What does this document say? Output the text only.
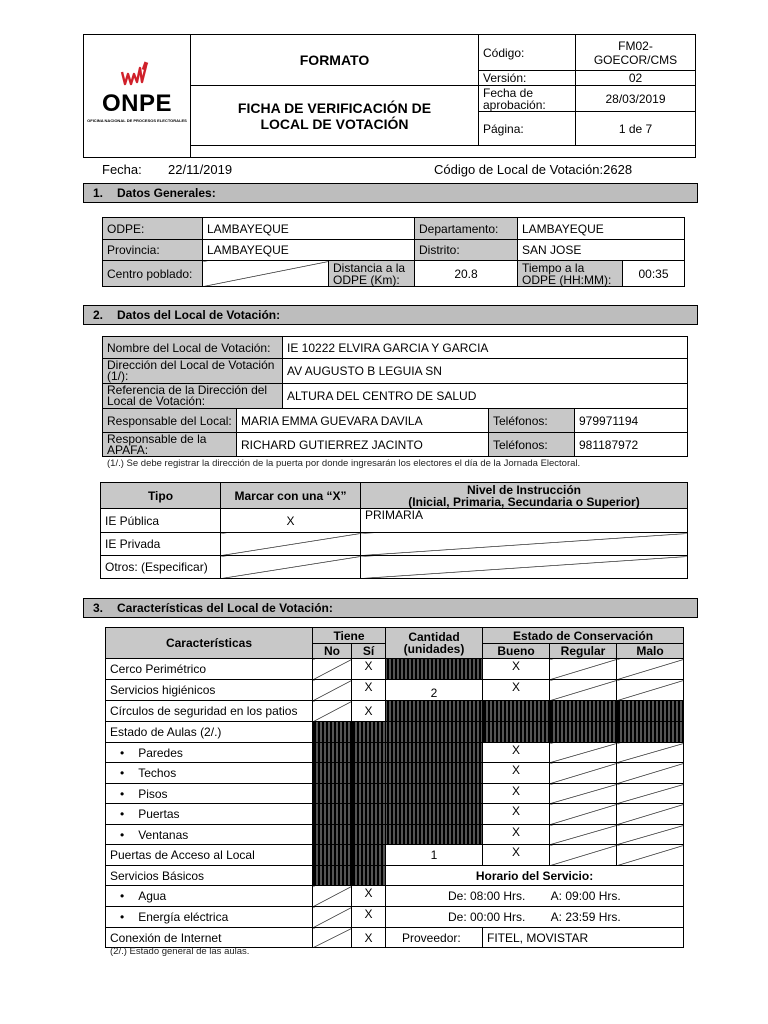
ONPE
OFICINA NACIONAL DE PROCESOS ELECTORALES	FORMATO	Código:	FM02-GOECOR/CMS
		Versión:	02
	FICHA DE VERIFICACIÓN DE LOCAL DE VOTACIÓN	Fecha de aprobación:	28/03/2019
		Página:	1 de 7

Fecha: 22/11/2019	Código de Local de Votación:2628
1. Datos Generales:
ODPE:	LAMBAYEQUE		Departamento:	LAMBAYEQUE	
Provincia:	LAMBAYEQUE		Distrito:	SAN JOSE	
Centro poblado:		Distancia a la ODPE (Km):	20.8	Tiempo a la ODPE (HH:MM):	00:35
2. Datos del Local de Votación:
Nombre del Local de Votación:		IE 10222 ELVIRA GARCIA Y GARCIA		
Dirección del Local de Votación (1/):		AV AUGUSTO B LEGUIA SN		
Referencia de la Dirección del Local de Votación:		ALTURA DEL CENTRO DE SALUD		
Responsable del Local:	MARIA EMMA GUEVARA DAVILA		Teléfonos:	979971194
Responsable de la APAFA:	RICHARD GUTIERREZ JACINTO		Teléfonos:	981187972
(1/.) Se debe registrar la dirección de la puerta por donde ingresarán los electores el día de la Jornada Electoral.
Tipo	Marcar con una “X”	Nivel de Instrucción
(Inicial, Primaria, Secundaria o Superior)

IE Pública	X	PRIMARIA
IE Privada		
Otros: (Especificar)		
3. Características del Local de Votación:
Características	Tiene		Cantidad
(unidades)	Estado de Conservación		
	No	Sí		Bueno	Regular	Malo
Cerco Perimétrico		X		X		
Servicios higiénicos		X	2	X		
Círculos de seguridad en los patios		X				
Estado de Aulas (2/.)						
• Paredes				X		
• Techos				X		
• Pisos				X		
• Puertas				X		
• Ventanas				X		
Puertas de Acceso al Local			1	X		
Servicios Básicos			Horario del Servicio:			
• Agua		X	De: 08:00 Hrs. A: 09:00 Hrs.			
• Energía eléctrica		X	De: 00:00 Hrs. A: 23:59 Hrs.			
Conexión de Internet		X	Proveedor:	FITEL, MOVISTAR		
(2/.) Estado general de las aulas.
